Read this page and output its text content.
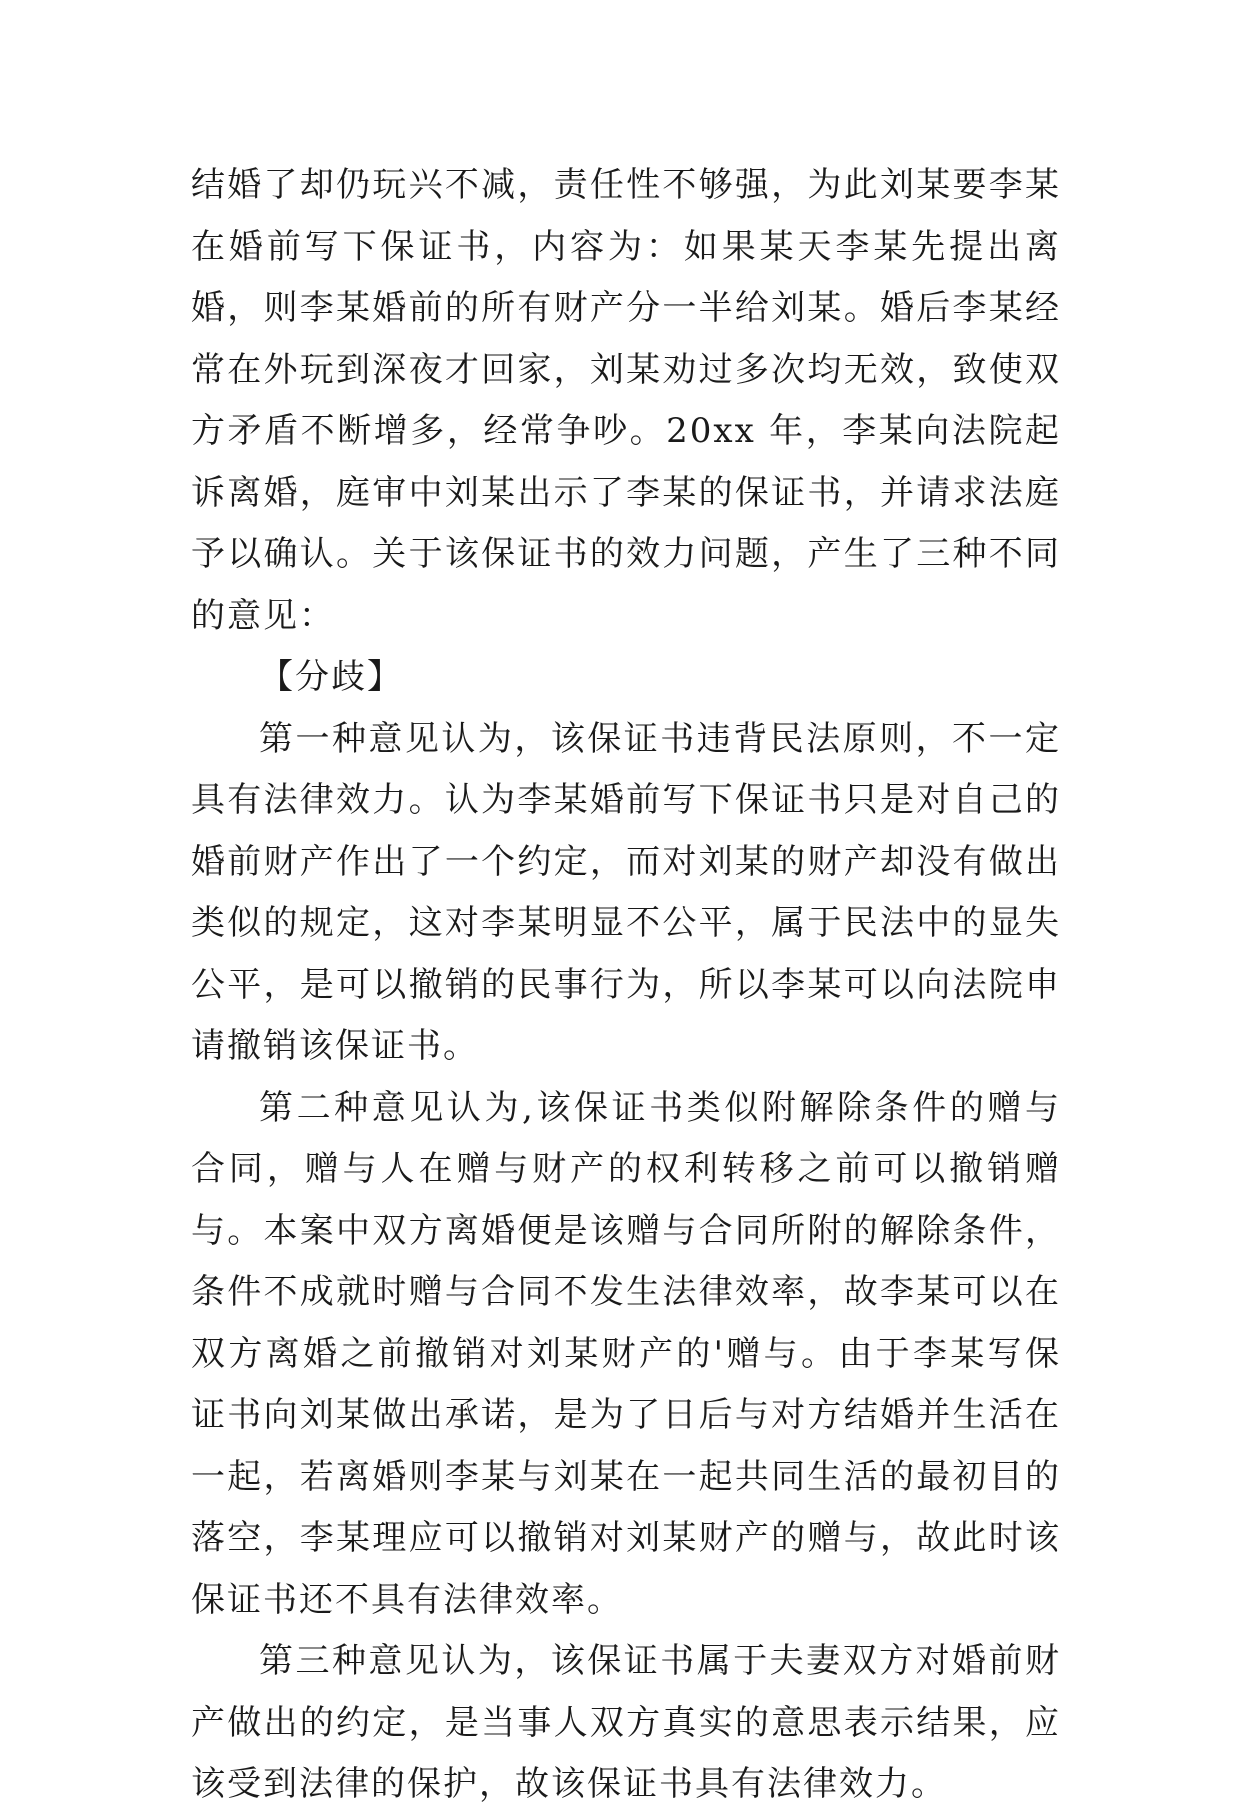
结婚了却仍玩兴不减，责任性不够强，为此刘某要李某在婚前写下保证书，内容为：如果某天李某先提出离婚，则李某婚前的所有财产分一半给刘某。婚后李某经常在外玩到深夜才回家，刘某劝过多次均无效，致使双方矛盾不断增多，经常争吵。20xx 年，李某向法院起诉离婚，庭审中刘某出示了李某的保证书，并请求法庭予以确认。关于该保证书的效力问题，产生了三种不同的意见：

【分歧】

第一种意见认为，该保证书违背民法原则，不一定具有法律效力。认为李某婚前写下保证书只是对自己的婚前财产作出了一个约定，而对刘某的财产却没有做出类似的规定，这对李某明显不公平，属于民法中的显失公平，是可以撤销的民事行为，所以李某可以向法院申请撤销该保证书。

第二种意见认为,该保证书类似附解除条件的赠与合同，赠与人在赠与财产的权利转移之前可以撤销赠与。本案中双方离婚便是该赠与合同所附的解除条件，条件不成就时赠与合同不发生法律效率，故李某可以在双方离婚之前撤销对刘某财产的'赠与。由于李某写保证书向刘某做出承诺，是为了日后与对方结婚并生活在一起，若离婚则李某与刘某在一起共同生活的最初目的落空，李某理应可以撤销对刘某财产的赠与，故此时该保证书还不具有法律效率。

第三种意见认为，该保证书属于夫妻双方对婚前财产做出的约定，是当事人双方真实的意思表示结果，应该受到法律的保护，故该保证书具有法律效力。
